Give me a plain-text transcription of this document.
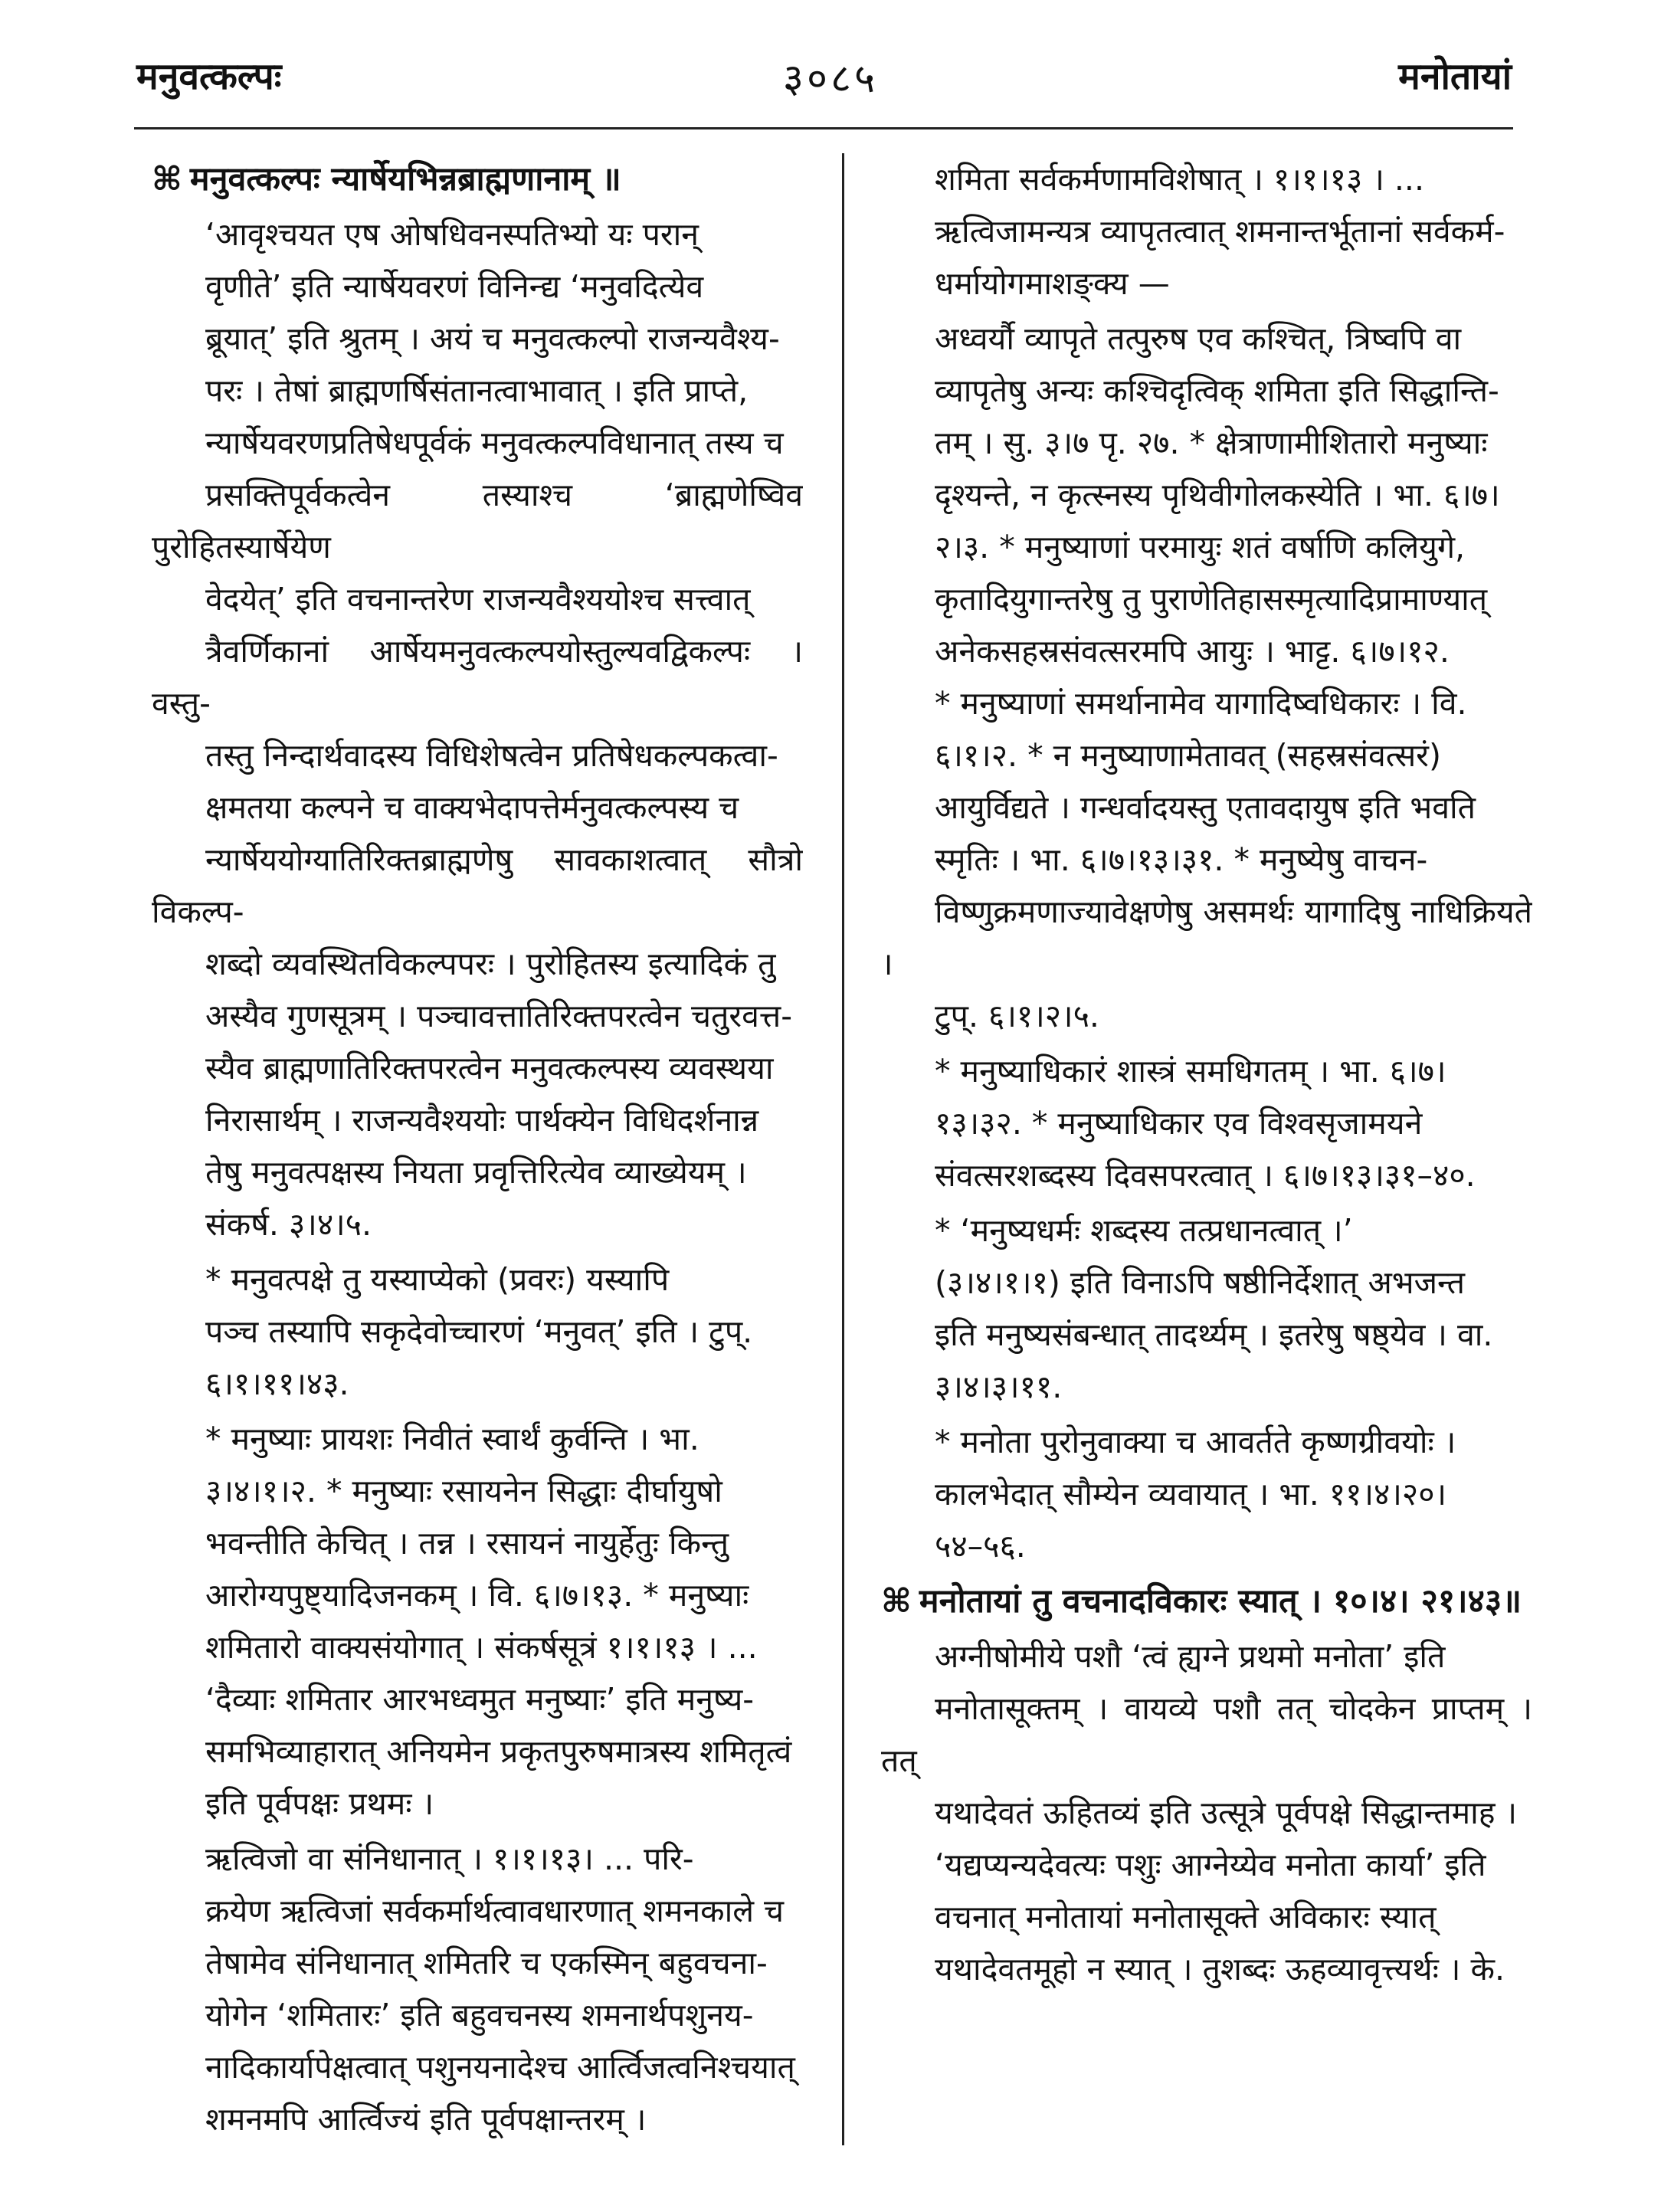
मनुवत्कल्पः	३०८५	मनोतायां

⌘ मनुवत्कल्पः न्यार्षेयभिन्नब्राह्मणानाम् ॥

‘आवृश्चयत एष ओषधिवनस्पतिभ्यो यः परान्
वृणीते’ इति न्यार्षेयवरणं विनिन्द्य ‘मनुवदित्येव
ब्रूयात्’ इति श्रुतम् । अयं च मनुवत्कल्पो राजन्यवैश्य-
परः । तेषां ब्राह्मणर्षिसंतानत्वाभावात् । इति प्राप्ते,
न्यार्षेयवरणप्रतिषेधपूर्वकं मनुवत्कल्पविधानात् तस्य च
प्रसक्तिपूर्वकत्वेन तस्याश्च ‘ब्राह्मणेष्विव पुरोहितस्यार्षेयेण
वेदयेत्’ इति वचनान्तरेण राजन्यवैश्ययोश्च सत्त्वात्
त्रैवर्णिकानां आर्षेयमनुवत्कल्पयोस्तुल्यवद्विकल्पः । वस्तु-
तस्तु निन्दार्थवादस्य विधिशेषत्वेन प्रतिषेधकल्पकत्वा-
क्षमतया कल्पने च वाक्यभेदापत्तेर्मनुवत्कल्पस्य च
न्यार्षेययोग्यातिरिक्तब्राह्मणेषु सावकाशत्वात् सौत्रो विकल्प-
शब्दो व्यवस्थितविकल्पपरः । पुरोहितस्य इत्यादिकं तु
अस्यैव गुणसूत्रम् । पञ्चावत्तातिरिक्तपरत्वेन चतुरवत्त-
स्यैव ब्राह्मणातिरिक्तपरत्वेन मनुवत्कल्पस्य व्यवस्थया
निरासार्थम् । राजन्यवैश्ययोः पार्थक्येन विधिदर्शनान्न
तेषु मनुवत्पक्षस्य नियता प्रवृत्तिरित्येव व्याख्येयम् ।
संकर्ष. ३।४।५.

* मनुवत्पक्षे तु यस्याप्येको (प्रवरः) यस्यापि
पञ्च तस्यापि सकृदेवोच्चारणं ‘मनुवत्’ इति । टुप्.
६।१।११।४३.

* मनुष्याः प्रायशः निवीतं स्वार्थं कुर्वन्ति । भा.
३।४।१।२. * मनुष्याः रसायनेन सिद्धाः दीर्घायुषो
भवन्तीति केचित् । तन्न । रसायनं नायुर्हेतुः किन्तु
आरोग्यपुष्ट्यादिजनकम् । वि. ६।७।१३. * मनुष्याः
शमितारो वाक्यसंयोगात् । संकर्षसूत्रं १।१।१३ । ...
‘दैव्याः शमितार आरभध्वमुत मनुष्याः’ इति मनुष्य-
समभिव्याहारात् अनियमेन प्रकृतपुरुषमात्रस्य शमितृत्वं
इति पूर्वपक्षः प्रथमः ।

ऋत्विजो वा संनिधानात् । १।१।१३। ... परि-
क्रयेण ऋत्विजां सर्वकर्मार्थत्वावधारणात् शमनकाले च
तेषामेव संनिधानात् शमितरि च एकस्मिन् बहुवचना-
योगेन ‘शमितारः’ इति बहुवचनस्य शमनार्थपशुनय-
नादिकार्यापेक्षत्वात् पशुनयनादेश्च आर्त्विजत्वनिश्चयात्
शमनमपि आर्त्विज्यं इति पूर्वपक्षान्तरम् ।

शमिता सर्वकर्मणामविशेषात् । १।१।१३ । ...
ऋत्विजामन्यत्र व्यापृतत्वात् शमनान्तर्भूतानां सर्वकर्म-
धर्मायोगमाशङ्क्य —

अध्वर्यौ व्यापृते तत्पुरुष एव कश्चित्, त्रिष्वपि वा
व्यापृतेषु अन्यः कश्चिदृत्विक् शमिता इति सिद्धान्ति-
तम् । सु. ३।७ पृ. २७. * क्षेत्राणामीशितारो मनुष्याः
दृश्यन्ते, न कृत्स्नस्य पृथिवीगोलकस्येति । भा. ६।७।
२।३. * मनुष्याणां परमायुः शतं वर्षाणि कलियुगे,
कृतादियुगान्तरेषु तु पुराणेतिहासस्मृत्यादिप्रामाण्यात्
अनेकसहस्रसंवत्सरमपि आयुः । भाट्ट. ६।७।१२.
* मनुष्याणां समर्थानामेव यागादिष्वधिकारः । वि.
६।१।२. * न मनुष्याणामेतावत् (सहस्रसंवत्सरं)
आयुर्विद्यते । गन्धर्वादयस्तु एतावदायुष इति भवति
स्मृतिः । भा. ६।७।१३।३१. * मनुष्येषु वाचन-
विष्णुक्रमणाज्यावेक्षणेषु असमर्थः यागादिषु नाधिक्रियते ।
टुप्. ६।१।२।५.

* मनुष्याधिकारं शास्त्रं समधिगतम् । भा. ६।७।
१३।३२. * मनुष्याधिकार एव विश्वसृजामयने
संवत्सरशब्दस्य दिवसपरत्वात् । ६।७।१३।३१–४०.

* ‘मनुष्यधर्मः शब्दस्य तत्प्रधानत्वात् ।’
(३।४।१।१) इति विनाऽपि षष्ठीनिर्देशात् अभजन्त
इति मनुष्यसंबन्धात् तादर्थ्यम् । इतरेषु षष्ठ्येव । वा.
३।४।३।११.

* मनोता पुरोनुवाक्या च आवर्तते कृष्णग्रीवयोः ।
कालभेदात् सौम्येन व्यवायात् । भा. ११।४।२०।
५४–५६.

⌘ मनोतायां तु वचनादविकारः स्यात् । १०।४। २१।४३॥

अग्नीषोमीये पशौ ‘त्वं ह्यग्ने प्रथमो मनोता’ इति
मनोतासूक्तम् । वायव्ये पशौ तत् चोदकेन प्राप्तम् । तत्
यथादेवतं ऊहितव्यं इति उत्सूत्रे पूर्वपक्षे सिद्धान्तमाह ।
‘यद्यप्यन्यदेवत्यः पशुः आग्नेय्येव मनोता कार्या’ इति
वचनात् मनोतायां मनोतासूक्ते अविकारः स्यात्
यथादेवतमूहो न स्यात् । तुशब्दः ऊहव्यावृत्त्यर्थः । के.
